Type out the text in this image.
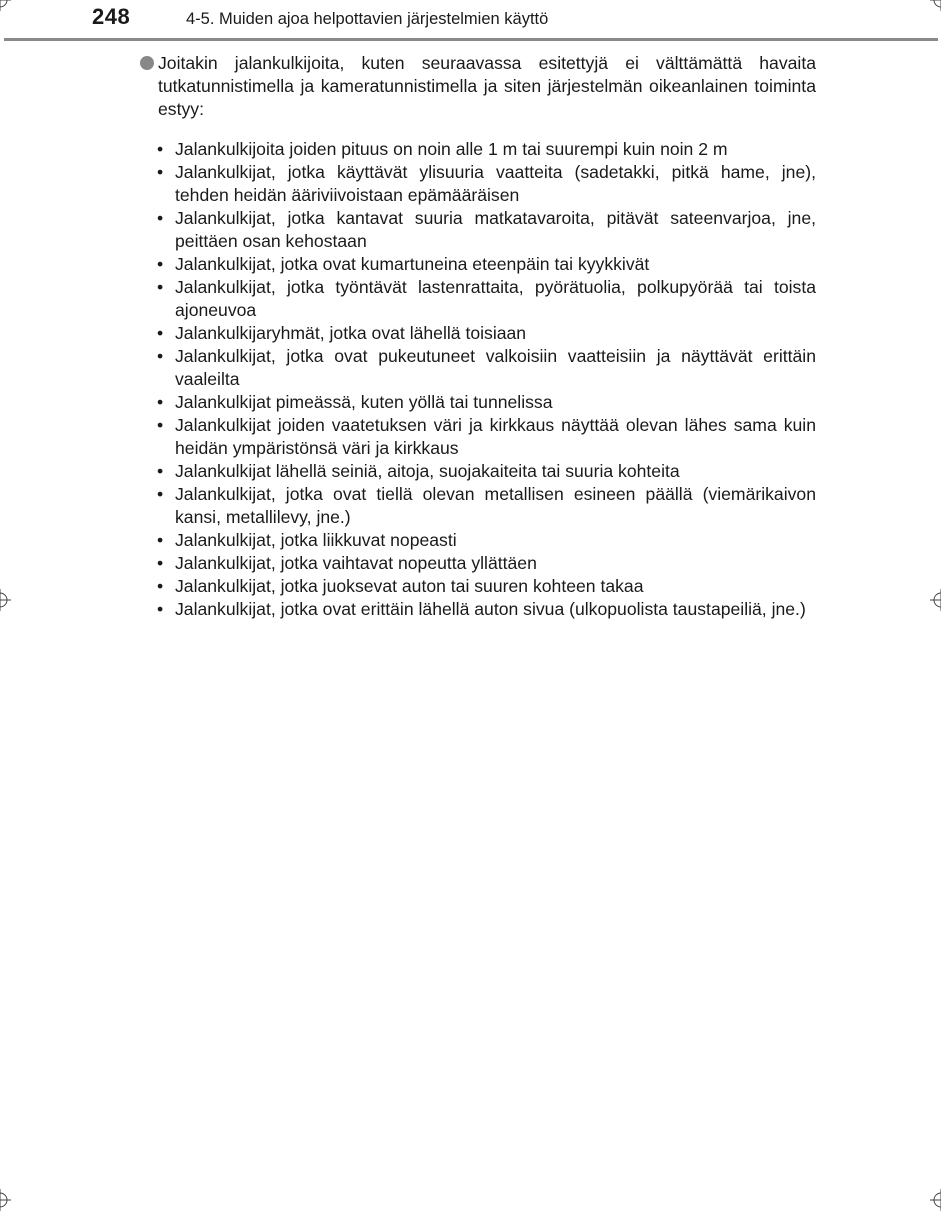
248	4-5. Muiden ajoa helpottavien järjestelmien käyttö
Joitakin jalankulkijoita, kuten seuraavassa esitettyjä ei välttämättä havaita tutkatunnistimella ja kameratunnistimella ja siten järjestelmän oikeanlainen toiminta estyy:
• Jalankulkijoita joiden pituus on noin alle 1 m tai suurempi kuin noin 2 m
• Jalankulkijat, jotka käyttävät ylisuuria vaatteita (sadetakki, pitkä hame, jne), tehden heidän ääriviivoistaan epämääräisen
• Jalankulkijat, jotka kantavat suuria matkatavaroita, pitävät sateenvarjoa, jne, peittäen osan kehostaan
• Jalankulkijat, jotka ovat kumartuneina eteenpäin tai kyykkivät
• Jalankulkijat, jotka työntävät lastenrattaita, pyörätuolia, polkupyörää tai toista ajoneuvoa
• Jalankulkijaryhmät, jotka ovat lähellä toisiaan
• Jalankulkijat, jotka ovat pukeutuneet valkoisiin vaatteisiin ja näyttävät erittäin vaaleilta
• Jalankulkijat pimeässä, kuten yöllä tai tunnelissa
• Jalankulkijat joiden vaatetuksen väri ja kirkkaus näyttää olevan lähes sama kuin heidän ympäristönsä väri ja kirkkaus
• Jalankulkijat lähellä seiniä, aitoja, suojakaiteita tai suuria kohteita
• Jalankulkijat, jotka ovat tiellä olevan metallisen esineen päällä (viemärikaivon kansi, metallilevy, jne.)
• Jalankulkijat, jotka liikkuvat nopeasti
• Jalankulkijat, jotka vaihtavat nopeutta yllättäen
• Jalankulkijat, jotka juoksevat auton tai suuren kohteen takaa
• Jalankulkijat, jotka ovat erittäin lähellä auton sivua (ulkopuolista taustapeiliä, jne.)
